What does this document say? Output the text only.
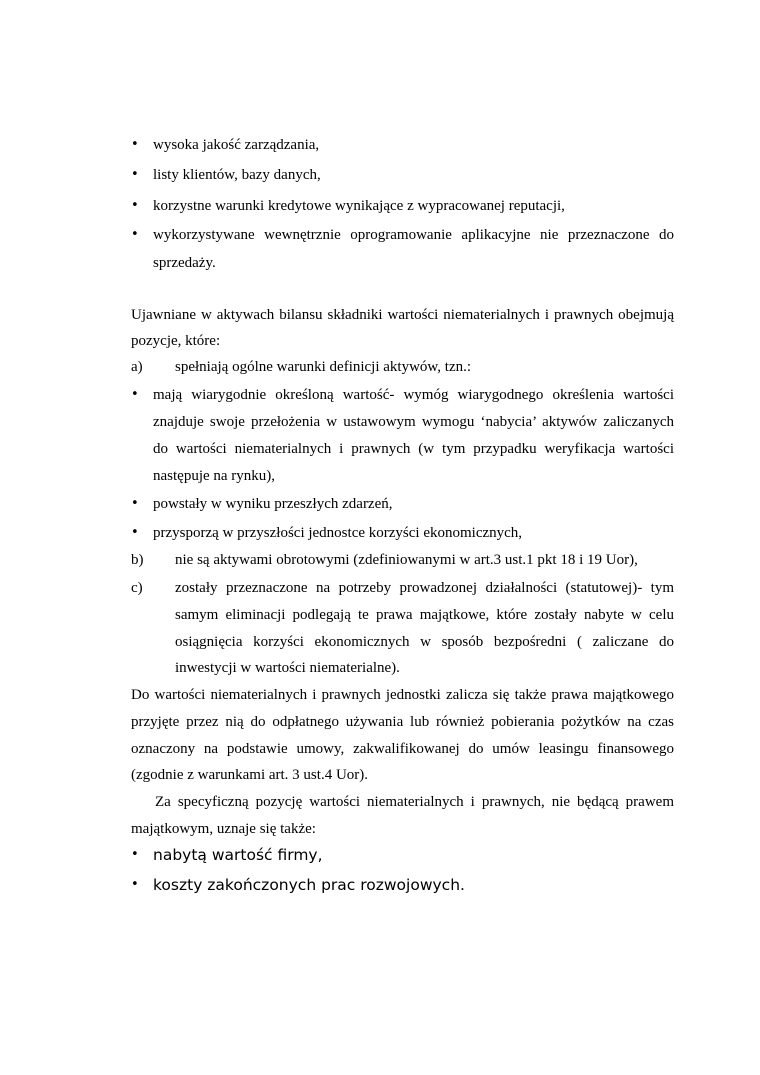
• wysoka jakość zarządzania,
• listy klientów, bazy danych,
• korzystne warunki kredytowe wynikające z wypracowanej reputacji,
• wykorzystywane wewnętrznie oprogramowanie aplikacyjne nie przeznaczone do
sprzedaży.
Ujawniane w aktywach bilansu składniki wartości niematerialnych i prawnych obejmują
pozycje, które:
a) spełniają ogólne warunki definicji aktywów, tzn.:
• mają wiarygodnie określoną wartość- wymóg wiarygodnego określenia wartości
znajduje swoje przełożenia w ustawowym wymogu ‘nabycia’ aktywów zaliczanych
do wartości niematerialnych i prawnych (w tym przypadku weryfikacja wartości
następuje na rynku),
• powstały w wyniku przeszłych zdarzeń,
• przysporzą w przyszłości jednostce korzyści ekonomicznych,
b) nie są aktywami obrotowymi (zdefiniowanymi w art.3 ust.1 pkt 18 i 19 Uor),
c) zostały przeznaczone na potrzeby prowadzonej działalności (statutowej)- tym
samym eliminacji podlegają te prawa majątkowe, które zostały nabyte w celu
osiągnięcia korzyści ekonomicznych w sposób bezpośredni ( zaliczane do
inwestycji w wartości niematerialne).
Do wartości niematerialnych i prawnych jednostki zalicza się także prawa majątkowego
przyjęte przez nią do odpłatnego używania lub również pobierania pożytków na czas
oznaczony na podstawie umowy, zakwalifikowanej do umów leasingu finansowego
(zgodnie z warunkami art. 3 ust.4 Uor).
Za specyficzną pozycję wartości niematerialnych i prawnych, nie będącą prawem
majątkowym, uznaje się także:
• nabytą wartość firmy,
• koszty zakończonych prac rozwojowych.
